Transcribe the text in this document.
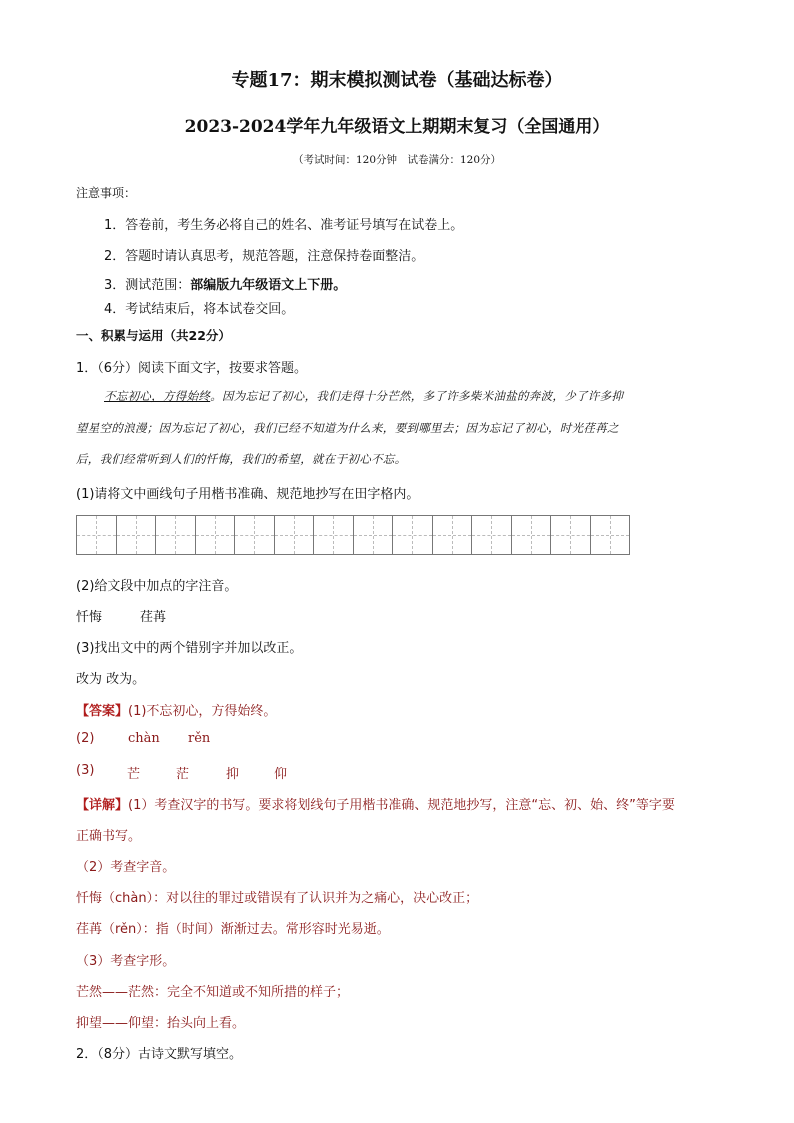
专题17：期末模拟测试卷（基础达标卷）
2023-2024学年九年级语文上期期末复习（全国通用）
（考试时间：120分钟　试卷满分：120分）
注意事项：
1．答卷前，考生务必将自己的姓名、准考证号填写在试卷上。
2．答题时请认真思考，规范答题，注意保持卷面整洁。
3．测试范围：部编版九年级语文上下册。
4．考试结束后，将本试卷交回。
一、积累与运用（共22分）
1．（6分）阅读下面文字，按要求答题。
不忘初心，方得始终。因为忘记了初心，我们走得十分芒然，多了许多柴米油盐的奔波，少了许多抑
望星空的浪漫；因为忘记了初心，我们已经不知道为什么来，要到哪里去；因为忘记了初心，时光荏苒之
后，我们经常听到人们的忏悔，我们的希望，就在于初心不忘。
(1)请将文中画线句子用楷书准确、规范地抄写在田字格内。
(2)给文段中加点的字注音。
忏悔	荏苒
(3)找出文中的两个错别字并加以改正。
改为 改为。
【答案】(1)不忘初心，方得始终。
(2)	chàn rěn
(3)	芒	茫	抑	仰
【详解】(1）考查汉字的书写。要求将划线句子用楷书准确、规范地抄写，注意“忘、初、始、终”等字要
正确书写。
（2）考查字音。
忏悔（chàn）：对以往的罪过或错误有了认识并为之痛心，决心改正；
荏苒（rěn）：指（时间）渐渐过去。常形容时光易逝。
（3）考查字形。
芒然——茫然：完全不知道或不知所措的样子；
抑望——仰望：抬头向上看。
2．（8分）古诗文默写填空。
